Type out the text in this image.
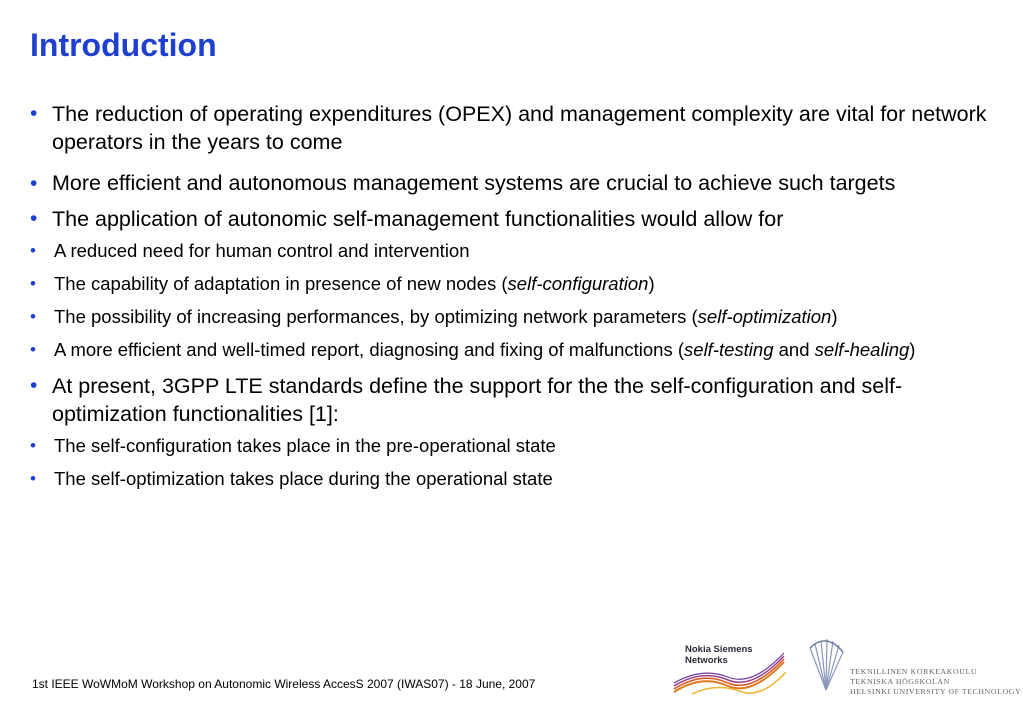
Introduction
• The reduction of operating expenditures (OPEX) and management complexity are vital for network operators in the years to come
• More efficient and autonomous management systems are crucial to achieve such targets
• The application of autonomic self-management functionalities would allow for
• A reduced need for human control and intervention
• The capability of adaptation in presence of new nodes (self-configuration)
• The possibility of increasing performances, by optimizing network parameters (self-optimization)
• A more efficient and well-timed report, diagnosing and fixing of malfunctions (self-testing and self-healing)
• At present, 3GPP LTE standards define the support for the the self-configuration and self-optimization functionalities [1]:
• The self-configuration takes place in the pre-operational state
• The self-optimization takes place during the operational state
1st IEEE WoWMoM Workshop on Autonomic Wireless AccesS 2007 (IWAS07) - 18 June, 2007
Nokia Siemens
Networks
TEKNILLINEN KORKEAKOULU
TEKNISKA HÖGSKOLAN
HELSINKI UNIVERSITY OF TECHNOLOGY
